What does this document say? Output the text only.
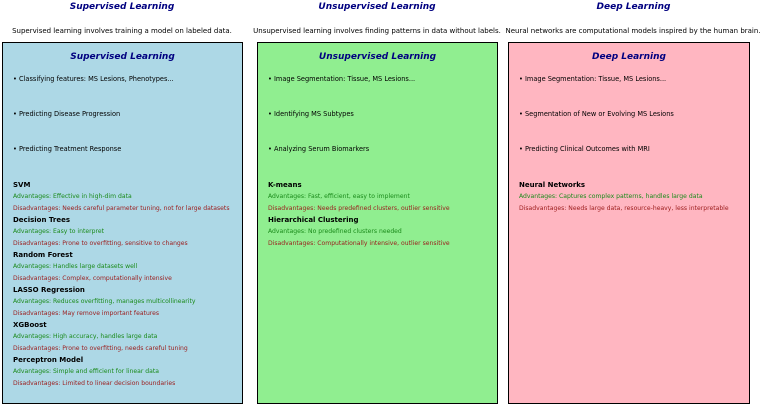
Supervised Learning	Unsupervised Learning	Deep Learning
Supervised learning involves training a model on labeled data.	Unsupervised learning involves finding patterns in data without labels. Neural networks are computational models inspired by the human brain.
Supervised Learning
• Classifying features: MS Lesions, Phenotypes...
• Predicting Disease Progression
• Predicting Treatment Response
SVM
Advantages: Effective in high-dim data
Disadvantages: Needs careful parameter tuning, not for large datasets
Decision Trees
Advantages: Easy to interpret
Disadvantages: Prone to overfitting, sensitive to changes
Random Forest
Advantages: Handles large datasets well
Disadvantages: Complex, computationally intensive
LASSO Regression
Advantages: Reduces overfitting, manages multicollinearity
Disadvantages: May remove important features
XGBoost
Advantages: High accuracy, handles large data
Disadvantages: Prone to overfitting, needs careful tuning
Perceptron Model
Advantages: Simple and efficient for linear data
Disadvantages: Limited to linear decision boundaries
Unsupervised Learning
• Image Segmentation: Tissue, MS Lesions...
• Identifying MS Subtypes
• Analyzing Serum Biomarkers
K-means
Advantages: Fast, efficient, easy to implement
Disadvantages: Needs predefined clusters, outlier sensitive
Hierarchical Clustering
Advantages: No predefined clusters needed
Disadvantages: Computationally intensive, outlier sensitive
Deep Learning
• Image Segmentation: Tissue, MS Lesions...
• Segmentation of New or Evolving MS Lesions
• Predicting Clinical Outcomes with MRI
Neural Networks
Advantages: Captures complex patterns, handles large data
Disadvantages: Needs large data, resource-heavy, less interpretable
